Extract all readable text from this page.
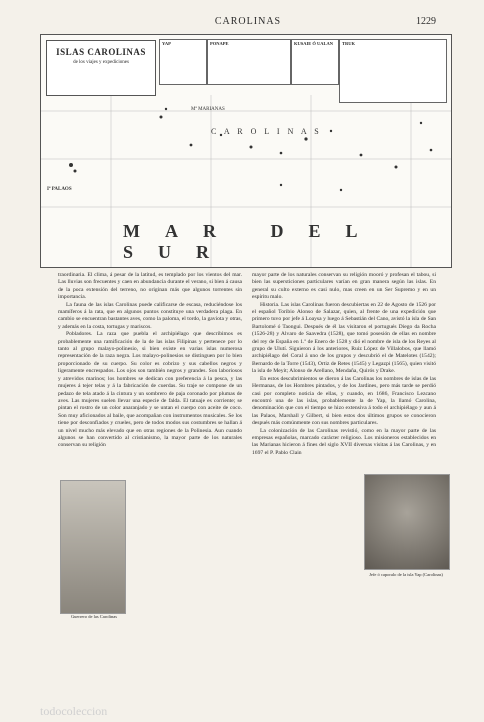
CAROLINAS	1229
ISLAS CAROLINAS
de los viajes y expediciones
YAP	PONAPE	KUSAIE Ó UALAN TRUK
Mª MARIANAS
C A R O L I N A S
Iª PALAOS
MAR DEL SUR

traordinaria. El clima, á pesar de la latitud, es templado por los vientos del mar. Las lluvias son frecuentes y caen en abundancia durante el verano, si bien á causa de la poca extensión del terreno, no originan más que algunos torrentes sin importancia.

La fauna de las islas Carolinas puede calificarse de escasa, reduciéndose los mamíferos á la rata, que en algunos puntos constituye una verdadera plaga. En cambio se encuentran bastantes aves, como la paloma, el tordo, la gaviota y otras, y además en la costa, tortugas y mariscos.

Pobladores. La raza que puebla el archipiélago que describimos es probablemente una ramificación de la de las islas Filipinas y pertenece por lo tanto al grupo malayo-polinesio, si bien existe en varias islas numerosa representación de la raza negra. Los malayo-polinesios se distinguen por lo bien proporcionado de su cuerpo. Su color es cobrizo y sus cabellos negros y ligeramente encrespados. Los ojos son también negros y grandes. Son laboriosos y atrevidos marinos; los hombres se dedican con preferencia á la pesca, y las mujeres á tejer telas y á la fabricación de cuerdas. Su traje se compone de un pedazo de tela atado á la cintura y un sombrero de paja coronado por plumas de aves. Las mujeres suelen llevar una especie de falda. El tatuaje es corriente; se pintan el rostro de un color anaranjado y se untan el cuerpo con aceite de coco. Son muy aficionados al baile, que acompañan con instrumentos musicales. Se los tiene por desconfiados y crueles, pero de todos modos sus costumbres se hallan á un nivel mucho más elevado que en otras regiones de la Polinesia. Aun cuando algunos se han convertido al cristianismo, la mayor parte de los naturales conservan su religión

mayor parte de los naturales conservan su religión mooró y profesan el tabou, si bien las supersticiones particulares varían en gran manera según las islas. En general su culto externo es casi nulo, mas creen en un Ser Supremo y en un espíritu malo.

Historia. Las islas Carolinas fueron descubiertas en 22 de Agosto de 1526 por el español Toribio Alonso de Salazar, quien, al frente de una expedición que primero tuvo por jefe á Loaysa y luego á Sebastián del Cano, avistó la isla de San Bartolomé ó Taongui. Después de él las visitaron el portugués Diego da Rocha (1526-28) y Alvaro de Saavedra (1528), que tomó posesión de ellas en nombre del rey de España en 1.º de Enero de 1528 y dió el nombre de isla de los Reyes al grupo de Ulutí. Siguieron á los anteriores, Ruiz López de Villalobos, que llamó archipiélago del Coral á uno de los grupos y descubrió el de Matelotes (1542); Bernardo de la Torre (1543), Ortiz de Retes (1545) y Legazpi (1565), quien visitó la isla de Meyit; Alonso de Arellano, Mendaña, Quirós y Drake.

En estos descubrimientos se dieron á las Carolinas los nombres de islas de las Hermanas, de los Hombres pintados, y de los Jardines, pero más tarde se perdió casi por completo noticia de ellas, y cuando, en 1686, Francisco Lezcano encontró una de las islas, probablemente la de Yap, la llamó Carolina, denominación que con el tiempo se hizo extensiva á todo el archipiélago y aun á las Palaos, Marshall y Gilbert, si bien estos dos últimos grupos se conocieron después más comúnmente con sus nombres particulares.

La colonización de las Carolinas revistió, como en la mayor parte de las empresas españolas, marcado carácter religioso. Los misioneros establecidos en las Marianas hicieron á fines del siglo XVII diversas visitas á las Carolinas, y en 1697 el P. Pablo Clain

Guerrero de las Carolinas
Jefe ó caporalo de la isla Yap (Carolinas)
todocoleccion
